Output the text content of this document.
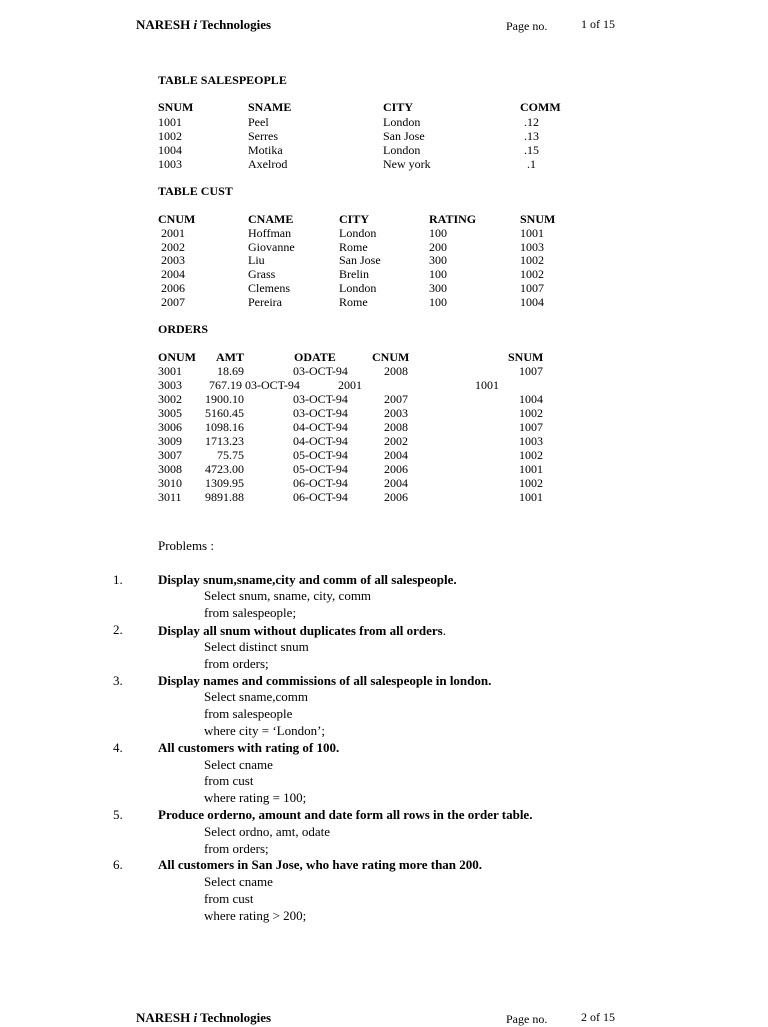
NARESH i Technologies	Page no.	1 of 15
TABLE SALESPEOPLE
SNUM	SNAME	CITY	COMM
1001	Peel	London	.12
1002	Serres	San Jose	.13
1004	Motika	London	.15
1003	Axelrod	New york	.1
TABLE CUST
CNUM	CNAME	CITY	RATING	SNUM
2001	Hoffman	London	100	1001
2002	Giovanne	Rome	200	1003
2003	Liu	San Jose	300	1002
2004	Grass	Brelin	100	1002
2006	Clemens	London	300	1007
2007	Pereira	Rome	100	1004
ORDERS
ONUM AMT	ODATE	CNUM	SNUM
3001	18.69	03-OCT-94	2008	1007
3003 767.19 03-OCT-94	2001	1001
3002 1900.10	03-OCT-94	2007	1004
3005 5160.45	03-OCT-94	2003	1002
3006 1098.16	04-OCT-94	2008	1007
3009 1713.23	04-OCT-94	2002	1003
3007	75.75	05-OCT-94	2004	1002
3008 4723.00	05-OCT-94	2006	1001
3010 1309.95	06-OCT-94	2004	1002
3011 9891.88	06-OCT-94	2006	1001
Problems :
1.	Display snum,sname,city and comm of all salespeople.
Select snum, sname, city, comm
from salespeople;
2.	Display all snum without duplicates from all orders.
Select distinct snum
from orders;
3.	Display names and commissions of all salespeople in london.
Select sname,comm
from salespeople
where city = ‘London’;
4.	All customers with rating of 100.
Select cname
from cust
where rating = 100;
5.	Produce orderno, amount and date form all rows in the order table.
Select ordno, amt, odate
from orders;
6.	All customers in San Jose, who have rating more than 200.
Select cname
from cust
where rating > 200;
NARESH i Technologies	Page no.	2 of 15
